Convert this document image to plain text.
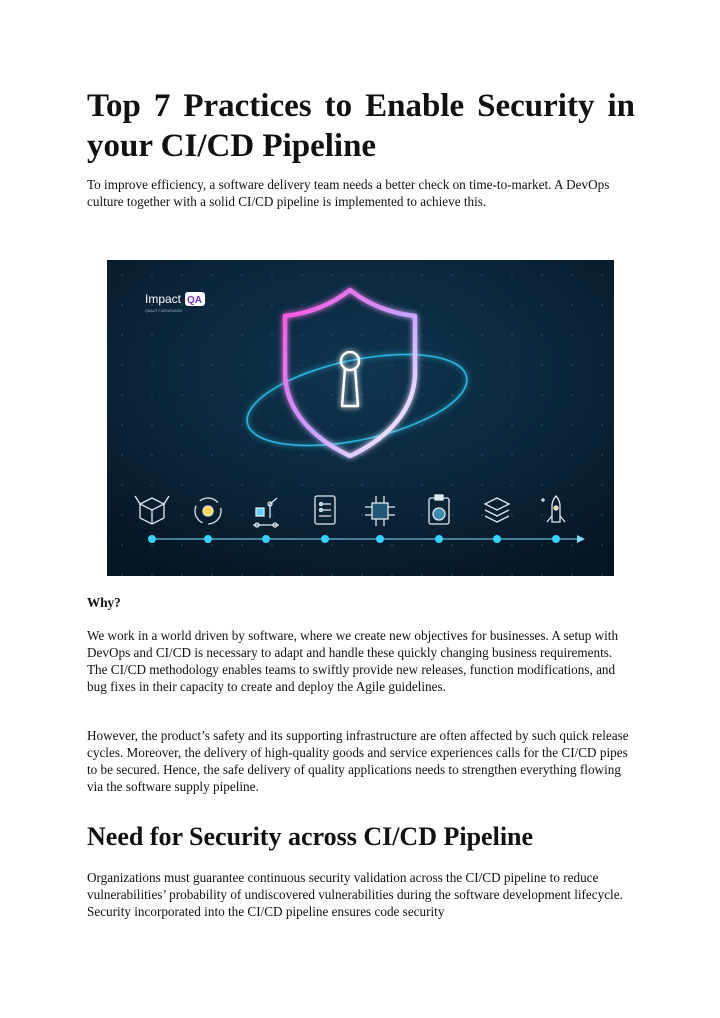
Top 7 Practices to Enable Security in your CI/CD Pipeline

To improve efficiency, a software delivery team needs a better check on time-to-market. A DevOps culture together with a solid CI/CD pipeline is implemented to achieve this.

Impact QA
QUALITY ASSURANCE

Why?

We work in a world driven by software, where we create new objectives for businesses. A setup with DevOps and CI/CD is necessary to adapt and handle these quickly changing business requirements. The CI/CD methodology enables teams to swiftly provide new releases, function modifications, and bug fixes in their capacity to create and deploy the Agile guidelines.

However, the product’s safety and its supporting infrastructure are often affected by such quick release cycles. Moreover, the delivery of high-quality goods and service experiences calls for the CI/CD pipes to be secured. Hence, the safe delivery of quality applications needs to strengthen everything flowing via the software supply pipeline.

Need for Security across CI/CD Pipeline

Organizations must guarantee continuous security validation across the CI/CD pipeline to reduce vulnerabilities’ probability of undiscovered vulnerabilities during the software development lifecycle. Security incorporated into the CI/CD pipeline ensures code security
